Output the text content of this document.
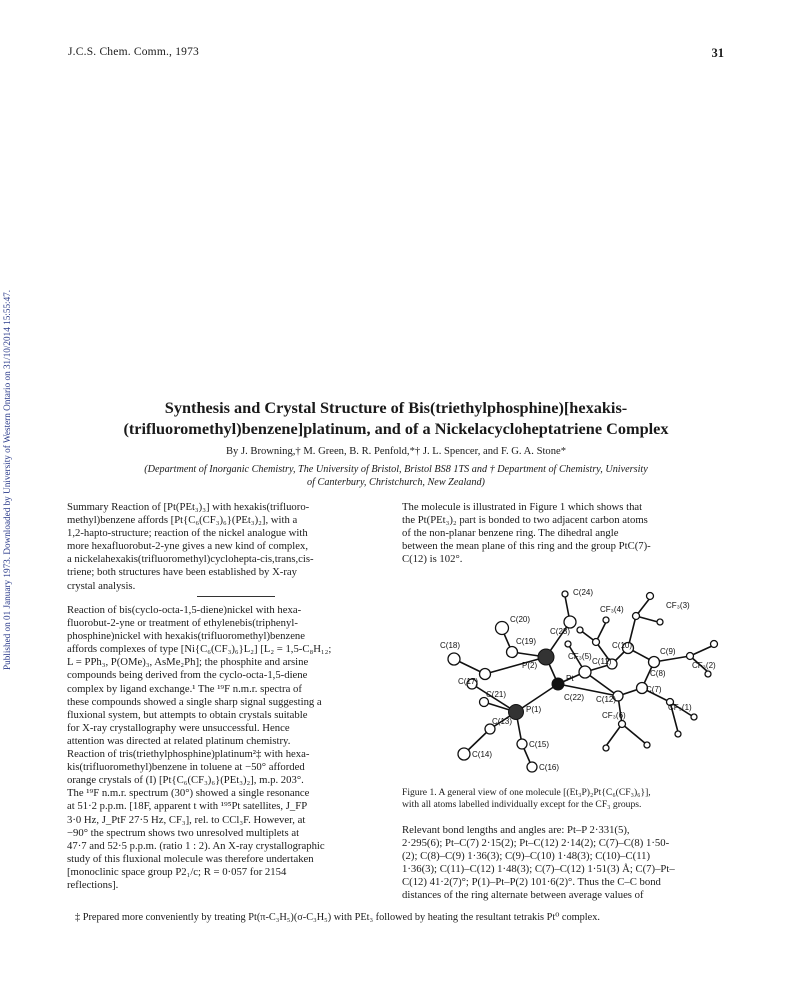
Published on 01 January 1973. Downloaded by University of Western Ontario on 31/10/2014 15:55:47.
J.C.S. Chem. Comm., 1973	31
Synthesis and Crystal Structure of Bis(triethylphosphine)[hexakis-
(trifluoromethyl)benzene]platinum, and of a Nickelacycloheptatriene Complex
By J. Browning,† M. Green, B. R. Penfold,*† J. L. Spencer, and F. G. A. Stone*
(Department of Inorganic Chemistry, The University of Bristol, Bristol BS8 1TS and † Department of Chemistry, University
of Canterbury, Christchurch, New Zealand)
Summary Reaction of [Pt(PEt₃)₃] with hexakis(trifluoro-
methyl)benzene affords [Pt{C₆(CF₃)₆}(PEt₃)₂], with a
1,2-hapto-structure; reaction of the nickel analogue with
more hexafluorobut-2-yne gives a new kind of complex,
a nickelahexakis(trifluoromethyl)cyclohepta-cis,trans,cis-
triene; both structures have been established by X-ray
crystal analysis.
Reaction of bis(cyclo-octa-1,5-diene)nickel with hexa-
fluorobut-2-yne or treatment of ethylenebis(triphenyl-
phosphine)nickel with hexakis(trifluoromethyl)benzene
affords complexes of type [Ni{C₆(CF₃)₆}L₂] [L₂ = 1,5-C₈H₁₂;
L = PPh₃, P(OMe)₃, AsMe₂Ph]; the phosphite and arsine
compounds being derived from the cyclo-octa-1,5-diene
complex by ligand exchange.¹ The ¹⁹F n.m.r. spectra of
these compounds showed a single sharp signal suggesting a
fluxional system, but attempts to obtain crystals suitable
for X-ray crystallography were unsuccessful. Hence
attention was directed at related platinum chemistry.
Reaction of tris(triethylphosphine)platinum²‡ with hexa-
kis(trifluoromethyl)benzene in toluene at −50° afforded
orange crystals of (I) [Pt{C₆(CF₃)₆}(PEt₃)₂], m.p. 203°.
The ¹⁹F n.m.r. spectrum (30°) showed a single resonance
at 51·2 p.p.m. [18F, apparent t with ¹⁹⁵Pt satellites, J_FP
3·0 Hz, J_PtF 27·5 Hz, CF₃], rel. to CCl₃F. However, at
−90° the spectrum shows two unresolved multiplets at
47·7 and 52·5 p.p.m. (ratio 1 : 2). An X-ray crystallographic
study of this fluxional molecule was therefore undertaken
[monoclinic space group P2₁/c; R = 0·057 for 2154
reflections].
The molecule is illustrated in Figure 1 which shows that
the Pt(PEt₃)₂ part is bonded to two adjacent carbon atoms
of the non-planar benzene ring. The dihedral angle
between the mean plane of this ring and the group PtC(7)-
C(12) is 102°.
C(24)
C(20)
CF₃(4)	CF₃(3)
C(19)
C(23)
C(18)
P(2)
CF₃(5)
C(10)
C(9)
CF₃(2)
C(11)
C(8)
Pt
C(17)
C(21)
C(7)
C(22) C(12)
CF₃(1)
P(1)
CF₃(6)
C(13)
C(14)
C(15)
C(16)
Figure 1. A general view of one molecule [(Et₃P)₂Pt{C₆(CF₃)₆}],
with all atoms labelled individually except for the CF₃ groups.
Relevant bond lengths and angles are: Pt–P 2·331(5),
2·295(6); Pt–C(7) 2·15(2); Pt–C(12) 2·14(2); C(7)–C(8) 1·50-
(2); C(8)–C(9) 1·36(3); C(9)–C(10) 1·48(3); C(10)–C(11)
1·36(3); C(11)–C(12) 1·48(3); C(7)–C(12) 1·51(3) Å; C(7)–Pt–
C(12) 41·2(7)°; P(1)–Pt–P(2) 101·6(2)°. Thus the C–C bond
distances of the ring alternate between average values of
‡ Prepared more conveniently by treating Pt(π-C₃H₅)(σ-C₃H₅) with PEt₃ followed by heating the resultant tetrakis Pt⁰ complex.
